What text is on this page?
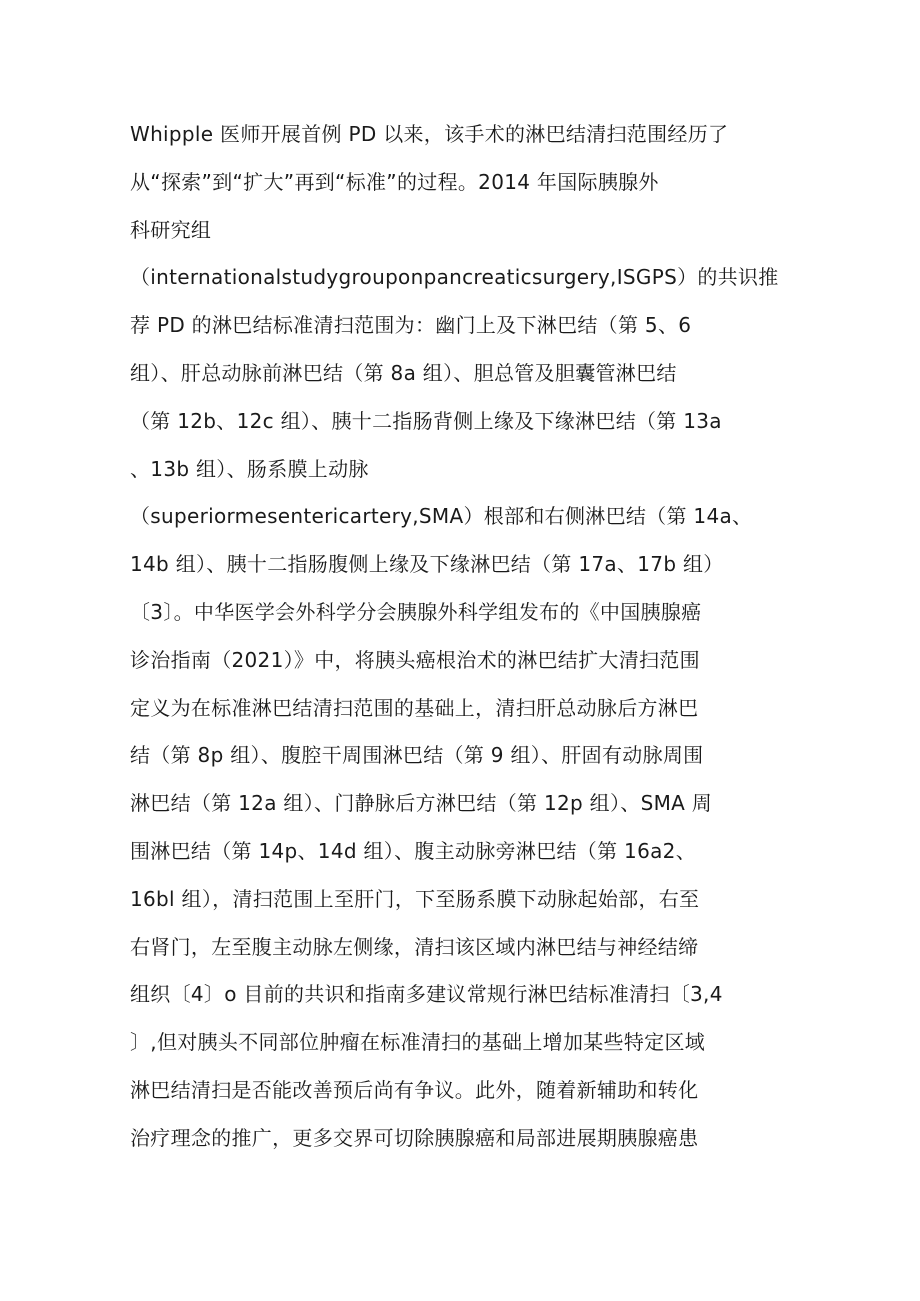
Whipple 医师开展首例 PD 以来，该手术的淋巴结清扫范围经历了
从“探索”到“扩大”再到“标准”的过程。2014 年国际胰腺外
科研究组
（internationalstudygrouponpancreaticsurgery,ISGPS）的共识推
荐 PD 的淋巴结标准清扫范围为：幽门上及下淋巴结（第 5、6
组）、肝总动脉前淋巴结（第 8a 组）、胆总管及胆囊管淋巴结
（第 12b、12c 组）、胰十二指肠背侧上缘及下缘淋巴结（第 13a
、13b 组）、肠系膜上动脉
（superiormesentericartery,SMA）根部和右侧淋巴结（第 14a、
14b 组）、胰十二指肠腹侧上缘及下缘淋巴结（第 17a、17b 组）
〔3〕。中华医学会外科学分会胰腺外科学组发布的《中国胰腺癌
诊治指南（2021）》中，将胰头癌根治术的淋巴结扩大清扫范围
定义为在标准淋巴结清扫范围的基础上，清扫肝总动脉后方淋巴
结（第 8p 组）、腹腔干周围淋巴结（第 9 组）、肝固有动脉周围
淋巴结（第 12a 组）、门静脉后方淋巴结（第 12p 组）、SMA 周
围淋巴结（第 14p、14d 组）、腹主动脉旁淋巴结（第 16a2、
16bl 组），清扫范围上至肝门，下至肠系膜下动脉起始部，右至
右肾门，左至腹主动脉左侧缘，清扫该区域内淋巴结与神经结缔
组织〔4〕o 目前的共识和指南多建议常规行淋巴结标准清扫〔3,4
〕,但对胰头不同部位肿瘤在标准清扫的基础上增加某些特定区域
淋巴结清扫是否能改善预后尚有争议。此外，随着新辅助和转化
治疗理念的推广，更多交界可切除胰腺癌和局部进展期胰腺癌患
